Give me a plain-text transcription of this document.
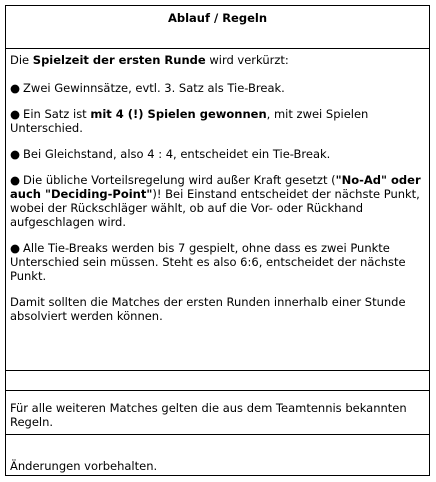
Ablauf / Regeln

Die Spielzeit der ersten Runde wird verkürzt:

● Zwei Gewinnsätze, evtl. 3. Satz als Tie-Break.

● Ein Satz ist mit 4 (!) Spielen gewonnen, mit zwei Spielen Unterschied.

● Bei Gleichstand, also 4 : 4, entscheidet ein Tie-Break.

● Die übliche Vorteilsregelung wird außer Kraft gesetzt ("No-Ad" oder auch "Deciding-Point")! Bei Einstand entscheidet der nächste Punkt, wobei der Rückschläger wählt, ob auf die Vor- oder Rückhand aufgeschlagen wird.

● Alle Tie-Breaks werden bis 7 gespielt, ohne dass es zwei Punkte Unterschied sein müssen. Steht es also 6:6, entscheidet der nächste Punkt.

Damit sollten die Matches der ersten Runden innerhalb einer Stunde absolviert werden können.

Für alle weiteren Matches gelten die aus dem Teamtennis bekannten Regeln.
Änderungen vorbehalten.
